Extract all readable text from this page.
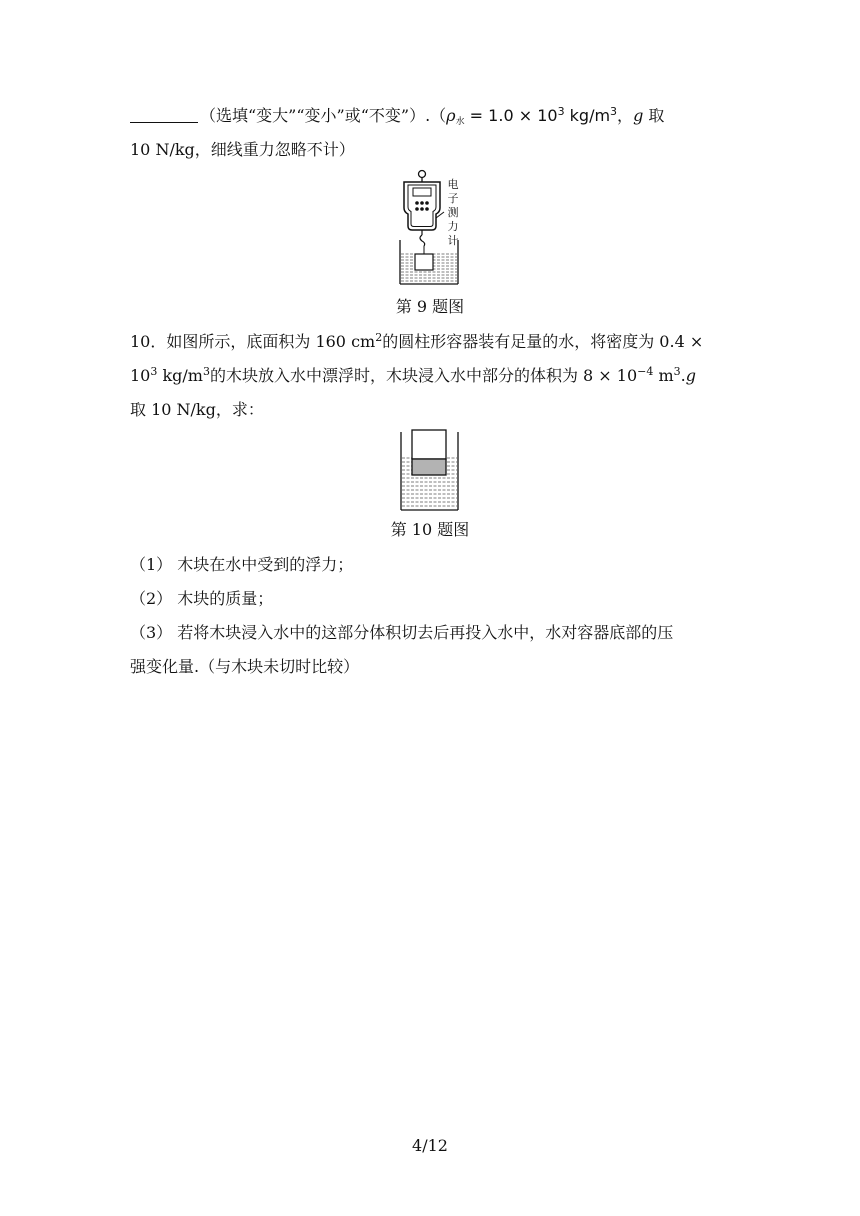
（选填“变大”“变小”或“不变$”).(\rho_水 = 1.0 \times 10^3$ $kg/m^3$，g 取
10 N/kg，细线重力忽略不计）
电
子
测
力
计
第 9 题图
10．如图所示，底面积为 160 $cm^2$的圆柱形容器装有足量的水，将密度为 0.4 ×
$10^3$ $kg/m^3$的木块放入水中漂浮时，木块浸入水中部分的体积为 $8 \times 10^{-4}$ $m^3.g$
取 10 N/kg，求：
第 10 题图
（1） 木块在水中受到的浮力；
（2） 木块的质量；
（3） 若将木块浸入水中的这部分体积切去后再投入水中，水对容器底部的压
强变化量.（与木块未切时比较）
4/12
